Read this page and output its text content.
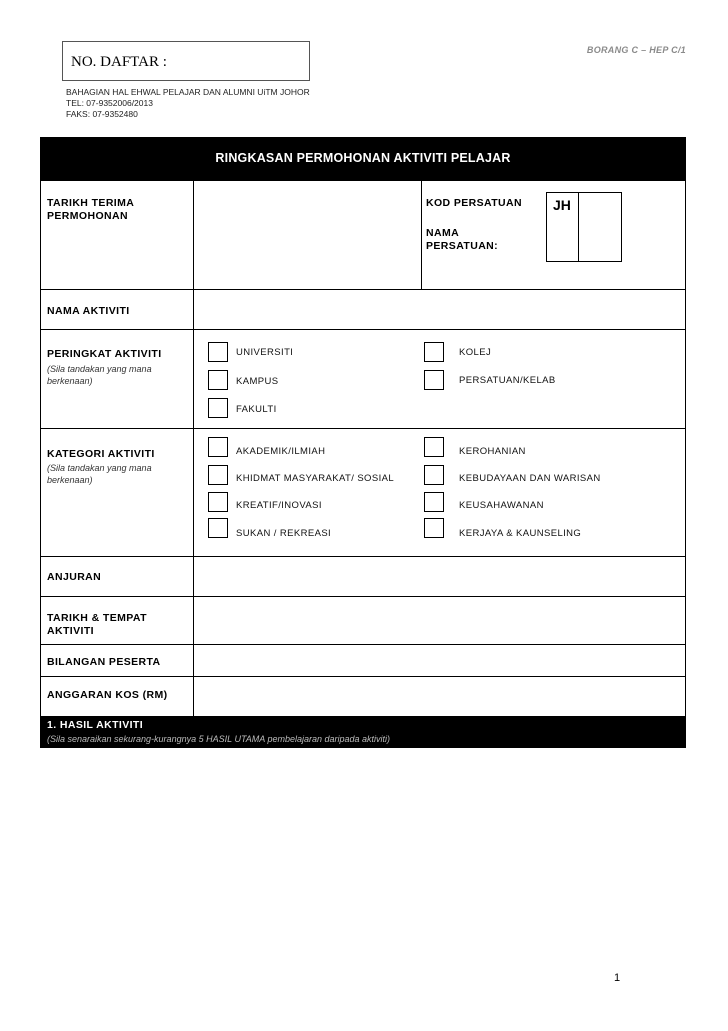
NO. DAFTAR :
BORANG C – HEP C/1
BAHAGIAN HAL EHWAL PELAJAR DAN ALUMNI UiTM JOHOR
TEL: 07-9352006/2013
FAKS: 07-9352480
RINGKASAN PERMOHONAN AKTIVITI PELAJAR
TARIKH TERIMA
PERMOHONAN
KOD PERSATUAN
NAMA
PERSATUAN:
JH
NAMA AKTIVITI
PERINGKAT AKTIVITI
(Sila tandakan yang mana
berkenaan)
UNIVERSITI	KOLEJ
KAMPUS	PERSATUAN/KELAB
FAKULTI
KATEGORI AKTIVITI
(Sila tandakan yang mana
berkenaan)
AKADEMIK/ILMIAH	KEROHANIAN
KHIDMAT MASYARAKAT/ SOSIAL	KEBUDAYAAN DAN WARISAN
KREATIF/INOVASI	KEUSAHAWANAN
SUKAN / REKREASI	KERJAYA & KAUNSELING
ANJURAN
TARIKH & TEMPAT
AKTIVITI
BILANGAN PESERTA
ANGGARAN KOS (RM)
1. HASIL AKTIVITI
(Sila senaraikan sekurang-kurangnya 5 HASIL UTAMA pembelajaran daripada aktiviti)
1
